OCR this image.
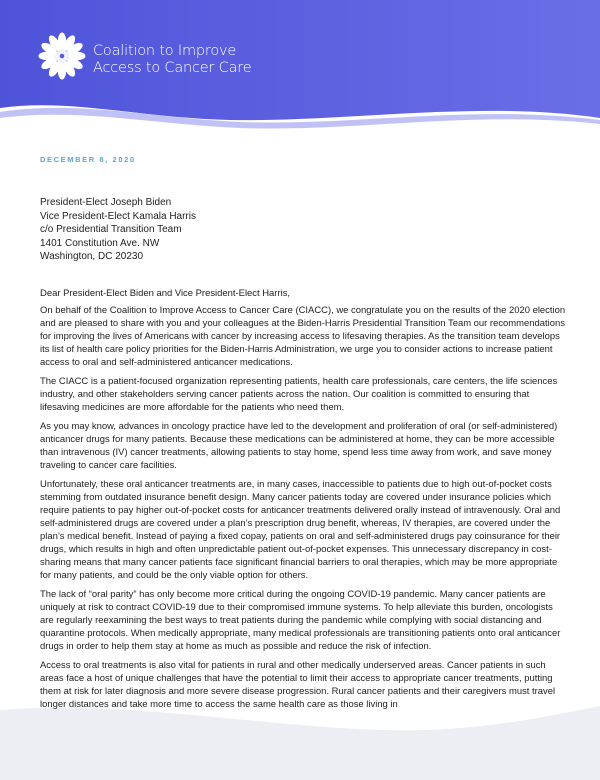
Coalition to Improve
Access to Cancer Care
DECEMBER 8, 2020
President-Elect Joseph Biden
Vice President-Elect Kamala Harris
c/o Presidential Transition Team
1401 Constitution Ave. NW
Washington, DC 20230
Dear President-Elect Biden and Vice President-Elect Harris,

On behalf of the Coalition to Improve Access to Cancer Care (CIACC), we congratulate you on the results of the 2020 election and are pleased to share with you and your colleagues at the Biden-Harris Presidential Transition Team our recommendations for improving the lives of Americans with cancer by increasing access to lifesaving therapies. As the transition team develops its list of health care policy priorities for the Biden-Harris Administration, we urge you to consider actions to increase patient access to oral and self-administered anticancer medications.

The CIACC is a patient-focused organization representing patients, health care professionals, care centers, the life sciences industry, and other stakeholders serving cancer patients across the nation. Our coalition is committed to ensuring that lifesaving medicines are more affordable for the patients who need them.

As you may know, advances in oncology practice have led to the development and proliferation of oral (or self-administered) anticancer drugs for many patients. Because these medications can be administered at home, they can be more accessible than intravenous (IV) cancer treatments, allowing patients to stay home, spend less time away from work, and save money traveling to cancer care facilities.

Unfortunately, these oral anticancer treatments are, in many cases, inaccessible to patients due to high out-of-pocket costs stemming from outdated insurance benefit design. Many cancer patients today are covered under insurance policies which require patients to pay higher out-of-pocket costs for anticancer treatments delivered orally instead of intravenously. Oral and self-administered drugs are covered under a plan’s prescription drug benefit, whereas, IV therapies, are covered under the plan’s medical benefit. Instead of paying a fixed copay, patients on oral and self-administered drugs pay coinsurance for their drugs, which results in high and often unpredictable patient out-of-pocket expenses. This unnecessary discrepancy in cost-sharing means that many cancer patients face significant financial barriers to oral therapies, which may be more appropriate for many patients, and could be the only viable option for others.

The lack of “oral parity” has only become more critical during the ongoing COVID-19 pandemic. Many cancer patients are uniquely at risk to contract COVID-19 due to their compromised immune systems. To help alleviate this burden, oncologists are regularly reexamining the best ways to treat patients during the pandemic while complying with social distancing and quarantine protocols. When medically appropriate, many medical professionals are transitioning patients onto oral anticancer drugs in order to help them stay at home as much as possible and reduce the risk of infection.

Access to oral treatments is also vital for patients in rural and other medically underserved areas. Cancer patients in such areas face a host of unique challenges that have the potential to limit their access to appropriate cancer treatments, putting them at risk for later diagnosis and more severe disease progression. Rural cancer patients and their caregivers must travel longer distances and take more time to access the same health care as those living in
